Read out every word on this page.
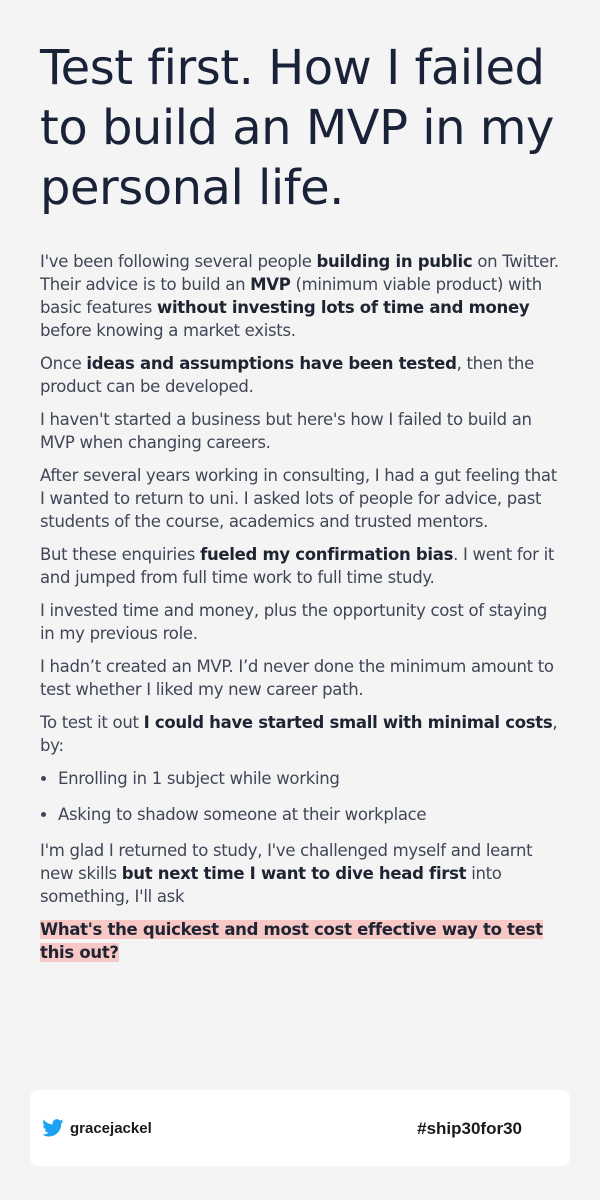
Test first. How I failed to build an MVP in my personal life.
I've been following several people building in public on Twitter. Their advice is to build an MVP (minimum viable product) with basic features without investing lots of time and money before knowing a market exists.
Once ideas and assumptions have been tested, then the product can be developed.
I haven't started a business but here's how I failed to build an MVP when changing careers.
After several years working in consulting, I had a gut feeling that I wanted to return to uni. I asked lots of people for advice, past students of the course, academics and trusted mentors.
But these enquiries fueled my confirmation bias. I went for it and jumped from full time work to full time study.
I invested time and money, plus the opportunity cost of staying in my previous role.
I hadn’t created an MVP. I’d never done the minimum amount to test whether I liked my new career path.
To test it out I could have started small with minimal costs, by:
• Enrolling in 1 subject while working
• Asking to shadow someone at their workplace
I'm glad I returned to study, I've challenged myself and learnt new skills but next time I want to dive head first into something, I'll ask
What's the quickest and most cost effective way to test this out?
gracejackel	#ship30for30
